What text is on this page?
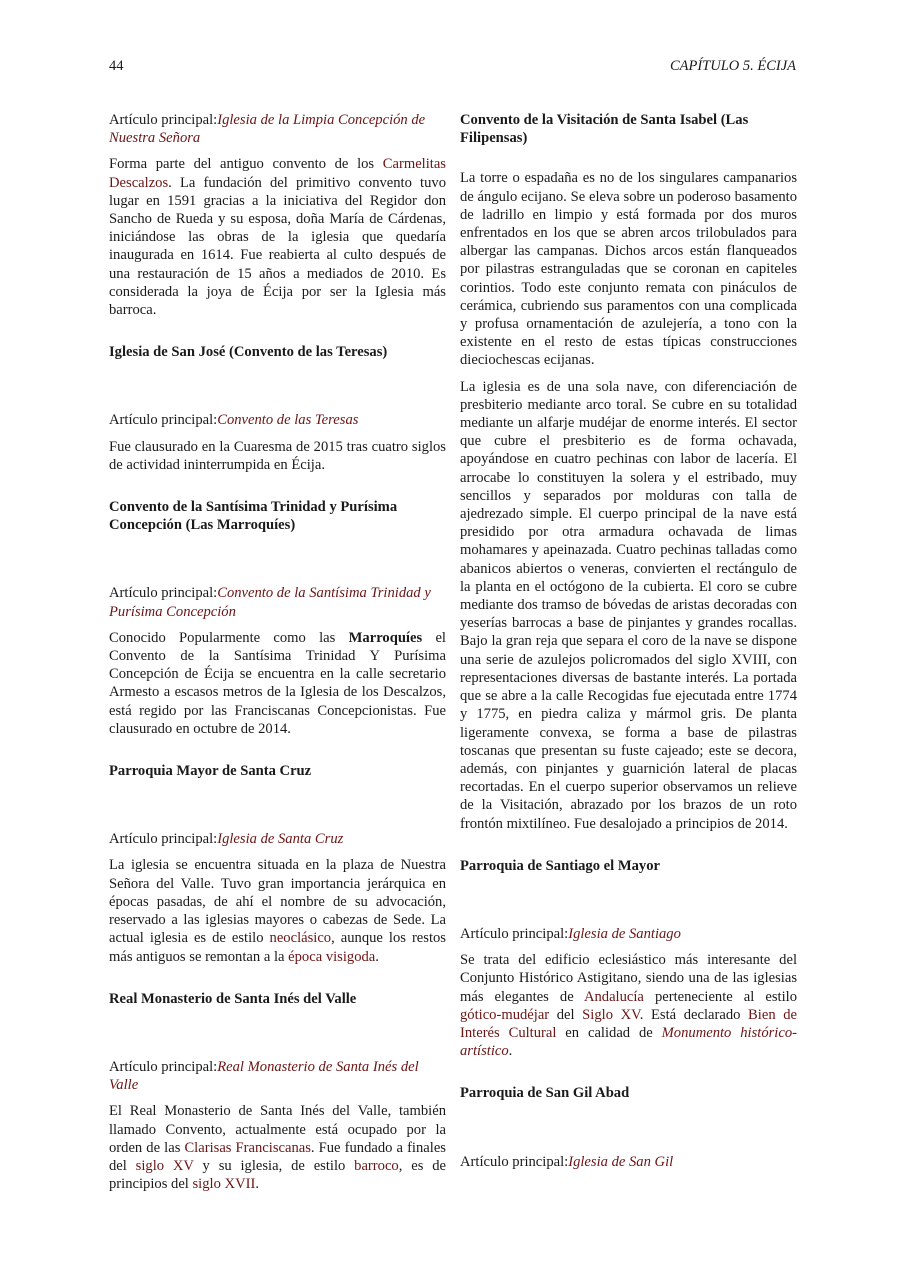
44	CAPÍTULO 5. ÉCIJA

Artículo principal:Iglesia de la Limpia Concepción de Nuestra Señora

Forma parte del antiguo convento de los Carmelitas Descalzos. La fundación del primitivo convento tuvo lugar en 1591 gracias a la iniciativa del Regidor don Sancho de Rueda y su esposa, doña María de Cárdenas, iniciándose las obras de la iglesia que quedaría inaugurada en 1614. Fue reabierta al culto después de una restauración de 15 años a mediados de 2010. Es considerada la joya de Écija por ser la Iglesia más barroca.

Iglesia de San José (Convento de las Teresas)

Artículo principal:Convento de las Teresas

Fue clausurado en la Cuaresma de 2015 tras cuatro siglos de actividad ininterrumpida en Écija.

Convento de la Santísima Trinidad y Purísima Concepción (Las Marroquíes)

Artículo principal:Convento de la Santísima Trinidad y Purísima Concepción

Conocido Popularmente como las Marroquíes el Convento de la Santísima Trinidad Y Purísima Concepción de Écija se encuentra en la calle secretario Armesto a escasos metros de la Iglesia de los Descalzos, está regido por las Franciscanas Concepcionistas. Fue clausurado en octubre de 2014.

Parroquia Mayor de Santa Cruz

Artículo principal:Iglesia de Santa Cruz

La iglesia se encuentra situada en la plaza de Nuestra Señora del Valle. Tuvo gran importancia jerárquica en épocas pasadas, de ahí el nombre de su advocación, reservado a las iglesias mayores o cabezas de Sede. La actual iglesia es de estilo neoclásico, aunque los restos más antiguos se remontan a la época visigoda.

Real Monasterio de Santa Inés del Valle

Artículo principal:Real Monasterio de Santa Inés del Valle

El Real Monasterio de Santa Inés del Valle, también llamado Convento, actualmente está ocupado por la orden de las Clarisas Franciscanas. Fue fundado a finales del siglo XV y su iglesia, de estilo barroco, es de principios del siglo XVII.

Convento de la Visitación de Santa Isabel (Las Filipensas)

La torre o espadaña es no de los singulares campanarios de ángulo ecijano. Se eleva sobre un poderoso basamento de ladrillo en limpio y está formada por dos muros enfrentados en los que se abren arcos trilobulados para albergar las campanas. Dichos arcos están flanqueados por pilastras estranguladas que se coronan en capiteles corintios. Todo este conjunto remata con pináculos de cerámica, cubriendo sus paramentos con una complicada y profusa ornamentación de azulejería, a tono con la existente en el resto de estas típicas construcciones dieciochescas ecijanas.

La iglesia es de una sola nave, con diferenciación de presbiterio mediante arco toral. Se cubre en su totalidad mediante un alfarje mudéjar de enorme interés. El sector que cubre el presbiterio es de forma ochavada, apoyándose en cuatro pechinas con labor de lacería. El arrocabe lo constituyen la solera y el estribado, muy sencillos y separados por molduras con talla de ajedrezado simple. El cuerpo principal de la nave está presidido por otra armadura ochavada de limas mohamares y apeinazada. Cuatro pechinas talladas como abanicos abiertos o veneras, convierten el rectángulo de la planta en el octógono de la cubierta. El coro se cubre mediante dos tramso de bóvedas de aristas decoradas con yeserías barrocas a base de pinjantes y grandes rocallas. Bajo la gran reja que separa el coro de la nave se dispone una serie de azulejos policromados del siglo XVIII, con representaciones diversas de bastante interés. La portada que se abre a la calle Recogidas fue ejecutada entre 1774 y 1775, en piedra caliza y mármol gris. De planta ligeramente convexa, se forma a base de pilastras toscanas que presentan su fuste cajeado; este se decora, además, con pinjantes y guarnición lateral de placas recortadas. En el cuerpo superior observamos un relieve de la Visitación, abrazado por los brazos de un roto frontón mixtilíneo. Fue desalojado a principios de 2014.

Parroquia de Santiago el Mayor

Artículo principal:Iglesia de Santiago

Se trata del edificio eclesiástico más interesante del Conjunto Histórico Astigitano, siendo una de las iglesias más elegantes de Andalucía perteneciente al estilo gótico-mudéjar del Siglo XV. Está declarado Bien de Interés Cultural en calidad de Monumento histórico-artístico.

Parroquia de San Gil Abad

Artículo principal:Iglesia de San Gil
